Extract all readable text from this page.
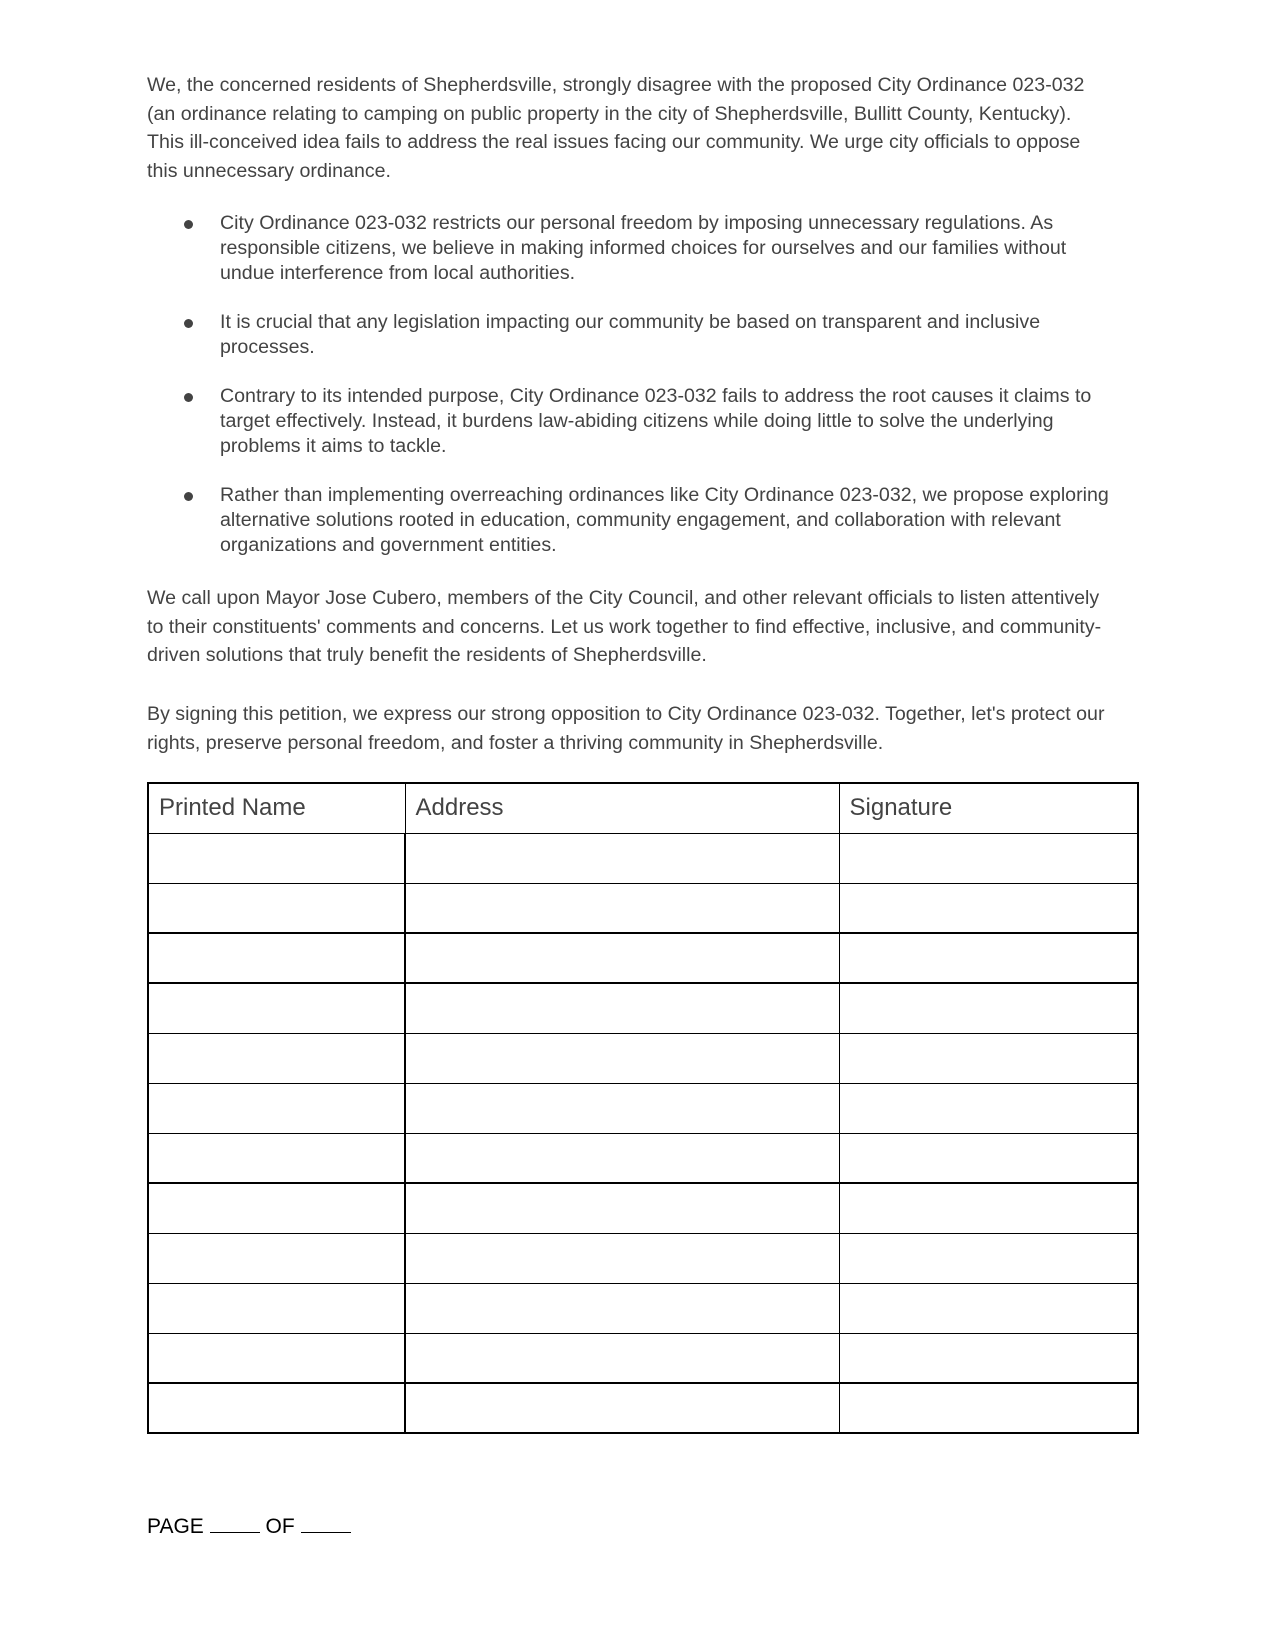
We, the concerned residents of Shepherdsville, strongly disagree with the proposed City Ordinance 023-032 (an ordinance relating to camping on public property in the city of Shepherdsville, Bullitt County, Kentucky). This ill-conceived idea fails to address the real issues facing our community. We urge city officials to oppose this unnecessary ordinance.

City Ordinance 023-032 restricts our personal freedom by imposing unnecessary regulations. As responsible citizens, we believe in making informed choices for ourselves and our families without undue interference from local authorities.
It is crucial that any legislation impacting our community be based on transparent and inclusive processes.
Contrary to its intended purpose, City Ordinance 023-032 fails to address the root causes it claims to target effectively. Instead, it burdens law-abiding citizens while doing little to solve the underlying problems it aims to tackle.
Rather than implementing overreaching ordinances like City Ordinance 023-032, we propose exploring alternative solutions rooted in education, community engagement, and collaboration with relevant organizations and government entities.

We call upon Mayor Jose Cubero, members of the City Council, and other relevant officials to listen attentively to their constituents' comments and concerns. Let us work together to find effective, inclusive, and community-driven solutions that truly benefit the residents of Shepherdsville.

By signing this petition, we express our strong opposition to City Ordinance 023-032. Together, let's protect our rights, preserve personal freedom, and foster a thriving community in Shepherdsville.

Printed Name	Address	Signature

PAGE	OF
